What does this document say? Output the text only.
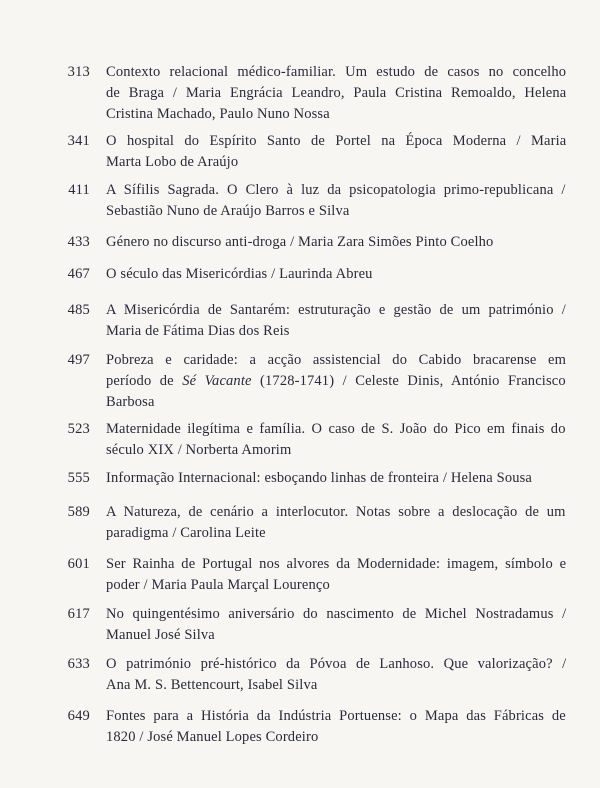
313 Contexto relacional médico-familiar. Um estudo de casos no concelho
de Braga / Maria Engrácia Leandro, Paula Cristina Remoaldo, Helena
Cristina Machado, Paulo Nuno Nossa
341 O hospital do Espírito Santo de Portel na Época Moderna / Maria
Marta Lobo de Araújo
411 A Sífilis Sagrada. O Clero à luz da psicopatologia primo-republicana /
Sebastião Nuno de Araújo Barros e Silva
433 Género no discurso anti-droga / Maria Zara Simões Pinto Coelho
467 O século das Misericórdias / Laurinda Abreu
485 A Misericórdia de Santarém: estruturação e gestão de um património /
Maria de Fátima Dias dos Reis
497 Pobreza e caridade: a acção assistencial do Cabido bracarense em
período de Sé Vacante (1728-1741) / Celeste Dinis, António Francisco
Barbosa
523 Maternidade ilegítima e família. O caso de S. João do Pico em finais do
século XIX / Norberta Amorim
555 Informação Internacional: esboçando linhas de fronteira / Helena Sousa
589 A Natureza, de cenário a interlocutor. Notas sobre a deslocação de um
paradigma / Carolina Leite
601 Ser Rainha de Portugal nos alvores da Modernidade: imagem, símbolo e
poder / Maria Paula Marçal Lourenço
617 No quingentésimo aniversário do nascimento de Michel Nostradamus /
Manuel José Silva
633 O património pré-histórico da Póvoa de Lanhoso. Que valorização? /
Ana M. S. Bettencourt, Isabel Silva
649 Fontes para a História da Indústria Portuense: o Mapa das Fábricas de
1820 / José Manuel Lopes Cordeiro
